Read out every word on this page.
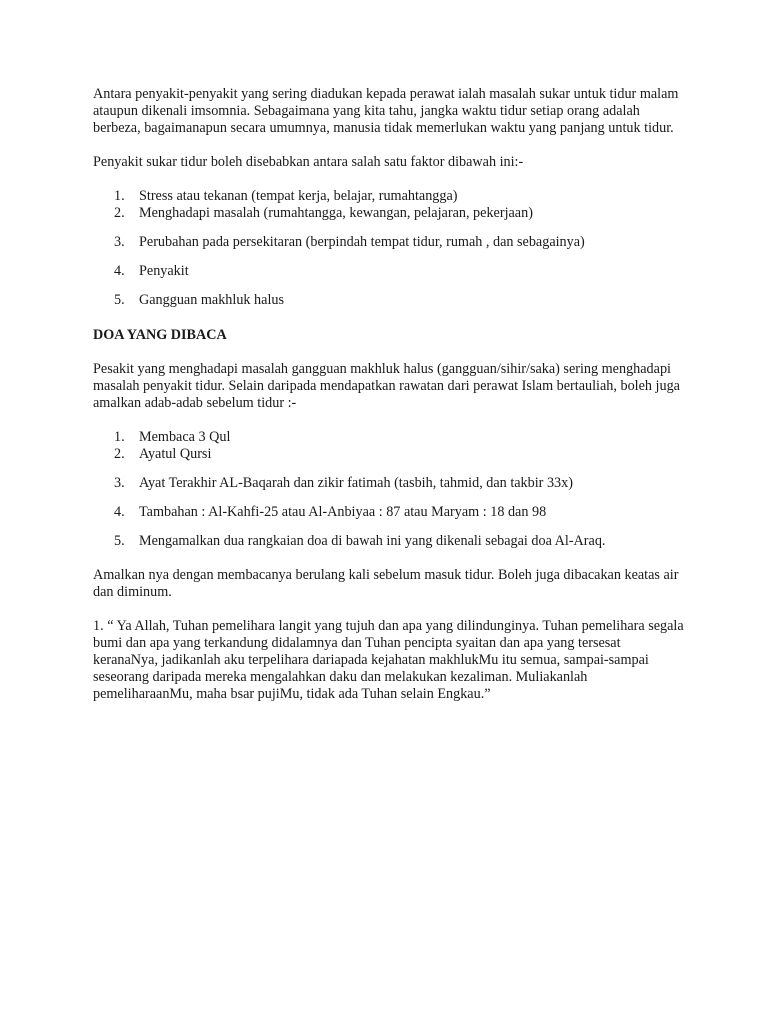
Antara penyakit-penyakit yang sering diadukan kepada perawat ialah masalah sukar untuk tidur malam ataupun dikenali imsomnia. Sebagaimana yang kita tahu, jangka waktu tidur setiap orang adalah berbeza, bagaimanapun secara umumnya, manusia tidak memerlukan waktu yang panjang untuk tidur.

Penyakit sukar tidur boleh disebabkan antara salah satu faktor dibawah ini:-

1. Stress atau tekanan (tempat kerja, belajar, rumahtangga)
2. Menghadapi masalah (rumahtangga, kewangan, pelajaran, pekerjaan)
3. Perubahan pada persekitaran (berpindah tempat tidur, rumah , dan sebagainya)
4. Penyakit
5. Gangguan makhluk halus

DOA YANG DIBACA

Pesakit yang menghadapi masalah gangguan makhluk halus (gangguan/sihir/saka) sering menghadapi masalah penyakit tidur. Selain daripada mendapatkan rawatan dari perawat Islam bertauliah, boleh juga amalkan adab-adab sebelum tidur :-

1. Membaca 3 Qul
2. Ayatul Qursi
3. Ayat Terakhir AL-Baqarah dan zikir fatimah (tasbih, tahmid, dan takbir 33x)
4. Tambahan : Al-Kahfi-25 atau Al-Anbiyaa : 87 atau Maryam : 18 dan 98
5. Mengamalkan dua rangkaian doa di bawah ini yang dikenali sebagai doa Al-Araq.

Amalkan nya dengan membacanya berulang kali sebelum masuk tidur. Boleh juga dibacakan keatas air dan diminum.

1. “ Ya Allah, Tuhan pemelihara langit yang tujuh dan apa yang dilindunginya. Tuhan pemelihara segala bumi dan apa yang terkandung didalamnya dan Tuhan pencipta syaitan dan apa yang tersesat keranaNya, jadikanlah aku terpelihara dariapada kejahatan makhlukMu itu semua, sampai-sampai seseorang daripada mereka mengalahkan daku dan melakukan kezaliman. Muliakanlah pemeliharaanMu, maha bsar pujiMu, tidak ada Tuhan selain Engkau.”
